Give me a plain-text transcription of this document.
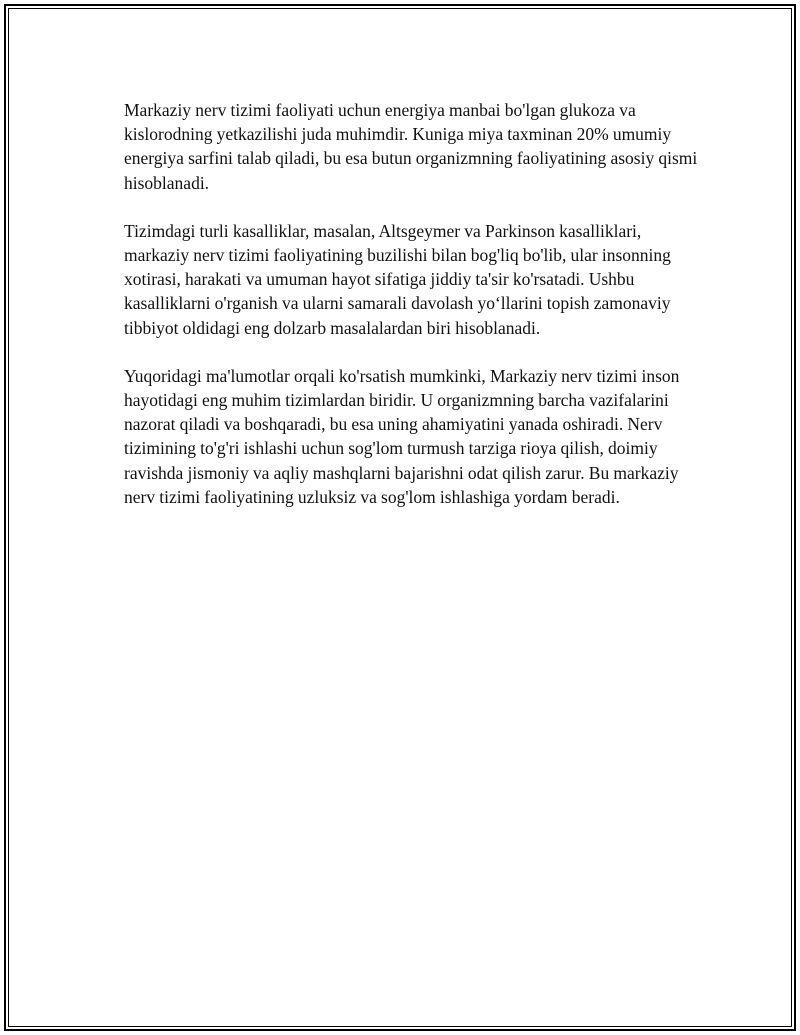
Markaziy nerv tizimi faoliyati uchun energiya manbai bo'lgan glukoza va kislorodning yetkazilishi juda muhimdir. Kuniga miya taxminan 20% umumiy energiya sarfini talab qiladi, bu esa butun organizmning faoliyatining asosiy qismi hisoblanadi.

Tizimdagi turli kasalliklar, masalan, Altsgeymer va Parkinson kasalliklari, markaziy nerv tizimi faoliyatining buzilishi bilan bog'liq bo'lib, ular insonning xotirasi, harakati va umuman hayot sifatiga jiddiy ta'sir ko'rsatadi. Ushbu kasalliklarni o'rganish va ularni samarali davolash yo‘llarini topish zamonaviy tibbiyot oldidagi eng dolzarb masalalardan biri hisoblanadi.

Yuqoridagi ma'lumotlar orqali ko'rsatish mumkinki, Markaziy nerv tizimi inson hayotidagi eng muhim tizimlardan biridir. U organizmning barcha vazifalarini nazorat qiladi va boshqaradi, bu esa uning ahamiyatini yanada oshiradi. Nerv tizimining to'g'ri ishlashi uchun sog'lom turmush tarziga rioya qilish, doimiy ravishda jismoniy va aqliy mashqlarni bajarishni odat qilish zarur. Bu markaziy nerv tizimi faoliyatining uzluksiz va sog'lom ishlashiga yordam beradi.
